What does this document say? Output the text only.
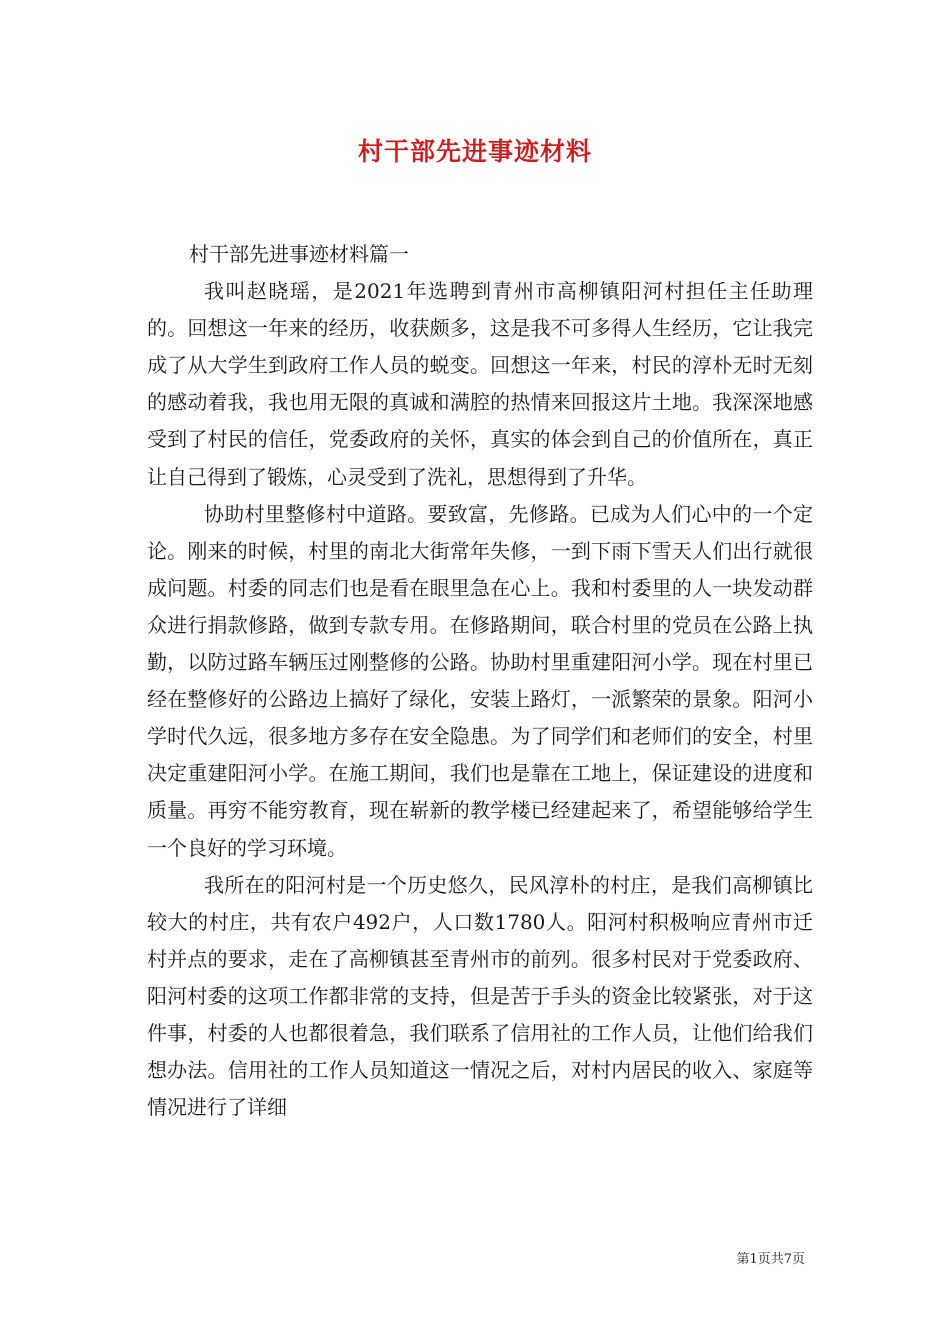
村干部先进事迹材料

村干部先进事迹材料篇一

我叫赵晓瑶，是2021年选聘到青州市高柳镇阳河村担任主任助理的。回想这一年来的经历，收获颇多，这是我不可多得人生经历，它让我完成了从大学生到政府工作人员的蜕变。回想这一年来，村民的淳朴无时无刻的感动着我，我也用无限的真诚和满腔的热情来回报这片土地。我深深地感受到了村民的信任，党委政府的关怀，真实的体会到自己的价值所在，真正让自己得到了锻炼，心灵受到了洗礼，思想得到了升华。

协助村里整修村中道路。要致富，先修路。已成为人们心中的一个定论。刚来的时候，村里的南北大街常年失修，一到下雨下雪天人们出行就很成问题。村委的同志们也是看在眼里急在心上。我和村委里的人一块发动群众进行捐款修路，做到专款专用。在修路期间，联合村里的党员在公路上执勤，以防过路车辆压过刚整修的公路。协助村里重建阳河小学。现在村里已经在整修好的公路边上搞好了绿化，安装上路灯，一派繁荣的景象。阳河小学时代久远，很多地方多存在安全隐患。为了同学们和老师们的安全，村里决定重建阳河小学。在施工期间，我们也是靠在工地上，保证建设的进度和质量。再穷不能穷教育，现在崭新的教学楼已经建起来了，希望能够给学生一个良好的学习环境。

我所在的阳河村是一个历史悠久，民风淳朴的村庄，是我们高柳镇比较大的村庄，共有农户492户，人口数1780人。阳河村积极响应青州市迁村并点的要求，走在了高柳镇甚至青州市的前列。很多村民对于党委政府、阳河村委的这项工作都非常的支持，但是苦于手头的资金比较紧张，对于这件事，村委的人也都很着急，我们联系了信用社的工作人员，让他们给我们想办法。信用社的工作人员知道这一情况之后，对村内居民的收入、家庭等情况进行了详细

第1页共7页
